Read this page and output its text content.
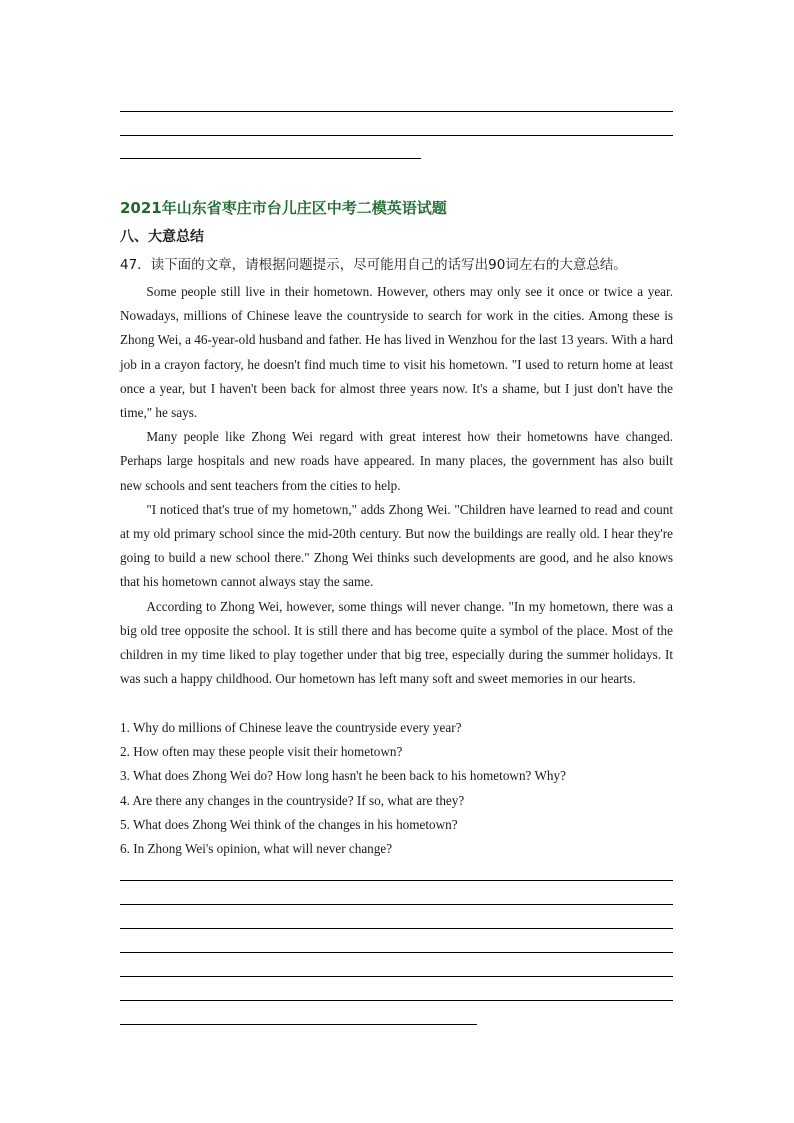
2021年山东省枣庄市台儿庄区中考二模英语试题
八、大意总结
47．读下面的文章，请根据问题提示，尽可能用自己的话写出90词左右的大意总结。

Some people still live in their hometown. However, others may only see it once or twice a year. Nowadays, millions of Chinese leave the countryside to search for work in the cities. Among these is Zhong Wei, a 46-year-old husband and father. He has lived in Wenzhou for the last 13 years. With a hard job in a crayon factory, he doesn't find much time to visit his hometown. "I used to return home at least once a year, but I haven't been back for almost three years now. It's a shame, but I just don't have the time," he says.

Many people like Zhong Wei regard with great interest how their hometowns have changed. Perhaps large hospitals and new roads have appeared. In many places, the government has also built new schools and sent teachers from the cities to help.

"I noticed that's true of my hometown," adds Zhong Wei. "Children have learned to read and count at my old primary school since the mid-20th century. But now the buildings are really old. I hear they're going to build a new school there." Zhong Wei thinks such developments are good, and he also knows that his hometown cannot always stay the same.

According to Zhong Wei, however, some things will never change. "In my hometown, there was a big old tree opposite the school. It is still there and has become quite a symbol of the place. Most of the children in my time liked to play together under that big tree, especially during the summer holidays. It was such a happy childhood. Our hometown has left many soft and sweet memories in our hearts.

1. Why do millions of Chinese leave the countryside every year?
2. How often may these people visit their hometown?
3. What does Zhong Wei do? How long hasn't he been back to his hometown? Why?
4. Are there any changes in the countryside? If so, what are they?
5. What does Zhong Wei think of the changes in his hometown?
6. In Zhong Wei's opinion, what will never change?
